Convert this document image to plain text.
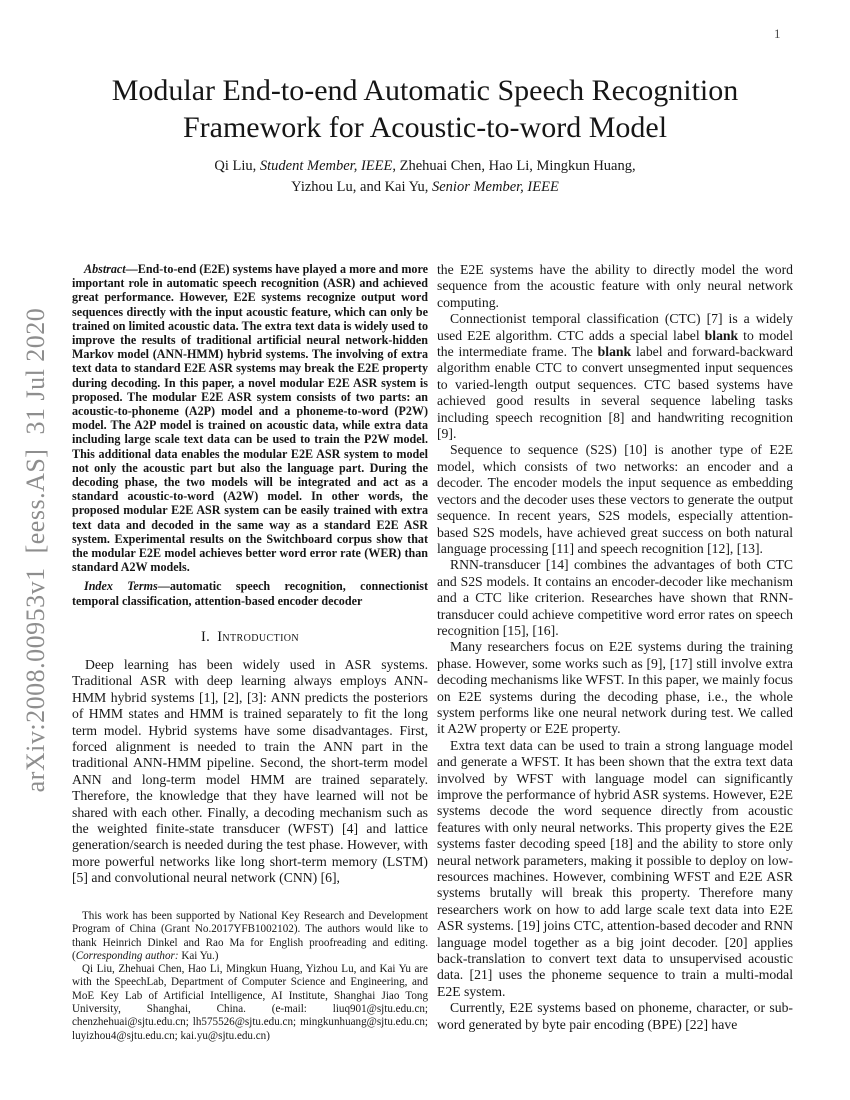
1
arXiv:2008.00953v1  [eess.AS]  31 Jul 2020
Modular End-to-end Automatic Speech Recognition
Framework for Acoustic-to-word Model
Qi Liu, Student Member, IEEE, Zhehuai Chen, Hao Li, Mingkun Huang,
Yizhou Lu, and Kai Yu, Senior Member, IEEE

Abstract—End-to-end (E2E) systems have played a more and more important role in automatic speech recognition (ASR) and achieved great performance. However, E2E systems recognize output word sequences directly with the input acoustic feature, which can only be trained on limited acoustic data. The extra text data is widely used to improve the results of traditional artificial neural network-hidden Markov model (ANN-HMM) hybrid systems. The involving of extra text data to standard E2E ASR systems may break the E2E property during decoding. In this paper, a novel modular E2E ASR system is proposed. The modular E2E ASR system consists of two parts: an acoustic-to-phoneme (A2P) model and a phoneme-to-word (P2W) model. The A2P model is trained on acoustic data, while extra data including large scale text data can be used to train the P2W model. This additional data enables the modular E2E ASR system to model not only the acoustic part but also the language part. During the decoding phase, the two models will be integrated and act as a standard acoustic-to-word (A2W) model. In other words, the proposed modular E2E ASR system can be easily trained with extra text data and decoded in the same way as a standard E2E ASR system. Experimental results on the Switchboard corpus show that the modular E2E model achieves better word error rate (WER) than standard A2W models.

Index Terms—automatic speech recognition, connectionist temporal classification, attention-based encoder decoder

I. Introduction

Deep learning has been widely used in ASR systems. Traditional ASR with deep learning always employs ANN-HMM hybrid systems [1], [2], [3]: ANN predicts the posteriors of HMM states and HMM is trained separately to fit the long term model. Hybrid systems have some disadvantages. First, forced alignment is needed to train the ANN part in the traditional ANN-HMM pipeline. Second, the short-term model ANN and long-term model HMM are trained separately. Therefore, the knowledge that they have learned will not be shared with each other. Finally, a decoding mechanism such as the weighted finite-state transducer (WFST) [4] and lattice generation/search is needed during the test phase. However, with more powerful networks like long short-term memory (LSTM) [5] and convolutional neural network (CNN) [6],

This work has been supported by National Key Research and Development Program of China (Grant No.2017YFB1002102). The authors would like to thank Heinrich Dinkel and Rao Ma for English proofreading and editing. (Corresponding author: Kai Yu.)

Qi Liu, Zhehuai Chen, Hao Li, Mingkun Huang, Yizhou Lu, and Kai Yu are with the SpeechLab, Department of Computer Science and Engineering, and MoE Key Lab of Artificial Intelligence, AI Institute, Shanghai Jiao Tong University, Shanghai, China. (e-mail: liuq901@sjtu.edu.cn; chenzhehuai@sjtu.edu.cn; lh575526@sjtu.edu.cn; mingkunhuang@sjtu.edu.cn; luyizhou4@sjtu.edu.cn; kai.yu@sjtu.edu.cn)

the E2E systems have the ability to directly model the word sequence from the acoustic feature with only neural network computing.

Connectionist temporal classification (CTC) [7] is a widely used E2E algorithm. CTC adds a special label blank to model the intermediate frame. The blank label and forward-backward algorithm enable CTC to convert unsegmented input sequences to varied-length output sequences. CTC based systems have achieved good results in several sequence labeling tasks including speech recognition [8] and handwriting recognition [9].

Sequence to sequence (S2S) [10] is another type of E2E model, which consists of two networks: an encoder and a decoder. The encoder models the input sequence as embedding vectors and the decoder uses these vectors to generate the output sequence. In recent years, S2S models, especially attention-based S2S models, have achieved great success on both natural language processing [11] and speech recognition [12], [13].

RNN-transducer [14] combines the advantages of both CTC and S2S models. It contains an encoder-decoder like mechanism and a CTC like criterion. Researches have shown that RNN-transducer could achieve competitive word error rates on speech recognition [15], [16].

Many researchers focus on E2E systems during the training phase. However, some works such as [9], [17] still involve extra decoding mechanisms like WFST. In this paper, we mainly focus on E2E systems during the decoding phase, i.e., the whole system performs like one neural network during test. We called it A2W property or E2E property.

Extra text data can be used to train a strong language model and generate a WFST. It has been shown that the extra text data involved by WFST with language model can significantly improve the performance of hybrid ASR systems. However, E2E systems decode the word sequence directly from acoustic features with only neural networks. This property gives the E2E systems faster decoding speed [18] and the ability to store only neural network parameters, making it possible to deploy on low-resources machines. However, combining WFST and E2E ASR systems brutally will break this property. Therefore many researchers work on how to add large scale text data into E2E ASR systems. [19] joins CTC, attention-based decoder and RNN language model together as a big joint decoder. [20] applies back-translation to convert text data to unsupervised acoustic data. [21] uses the phoneme sequence to train a multi-modal E2E system.

Currently, E2E systems based on phoneme, character, or sub-word generated by byte pair encoding (BPE) [22] have
